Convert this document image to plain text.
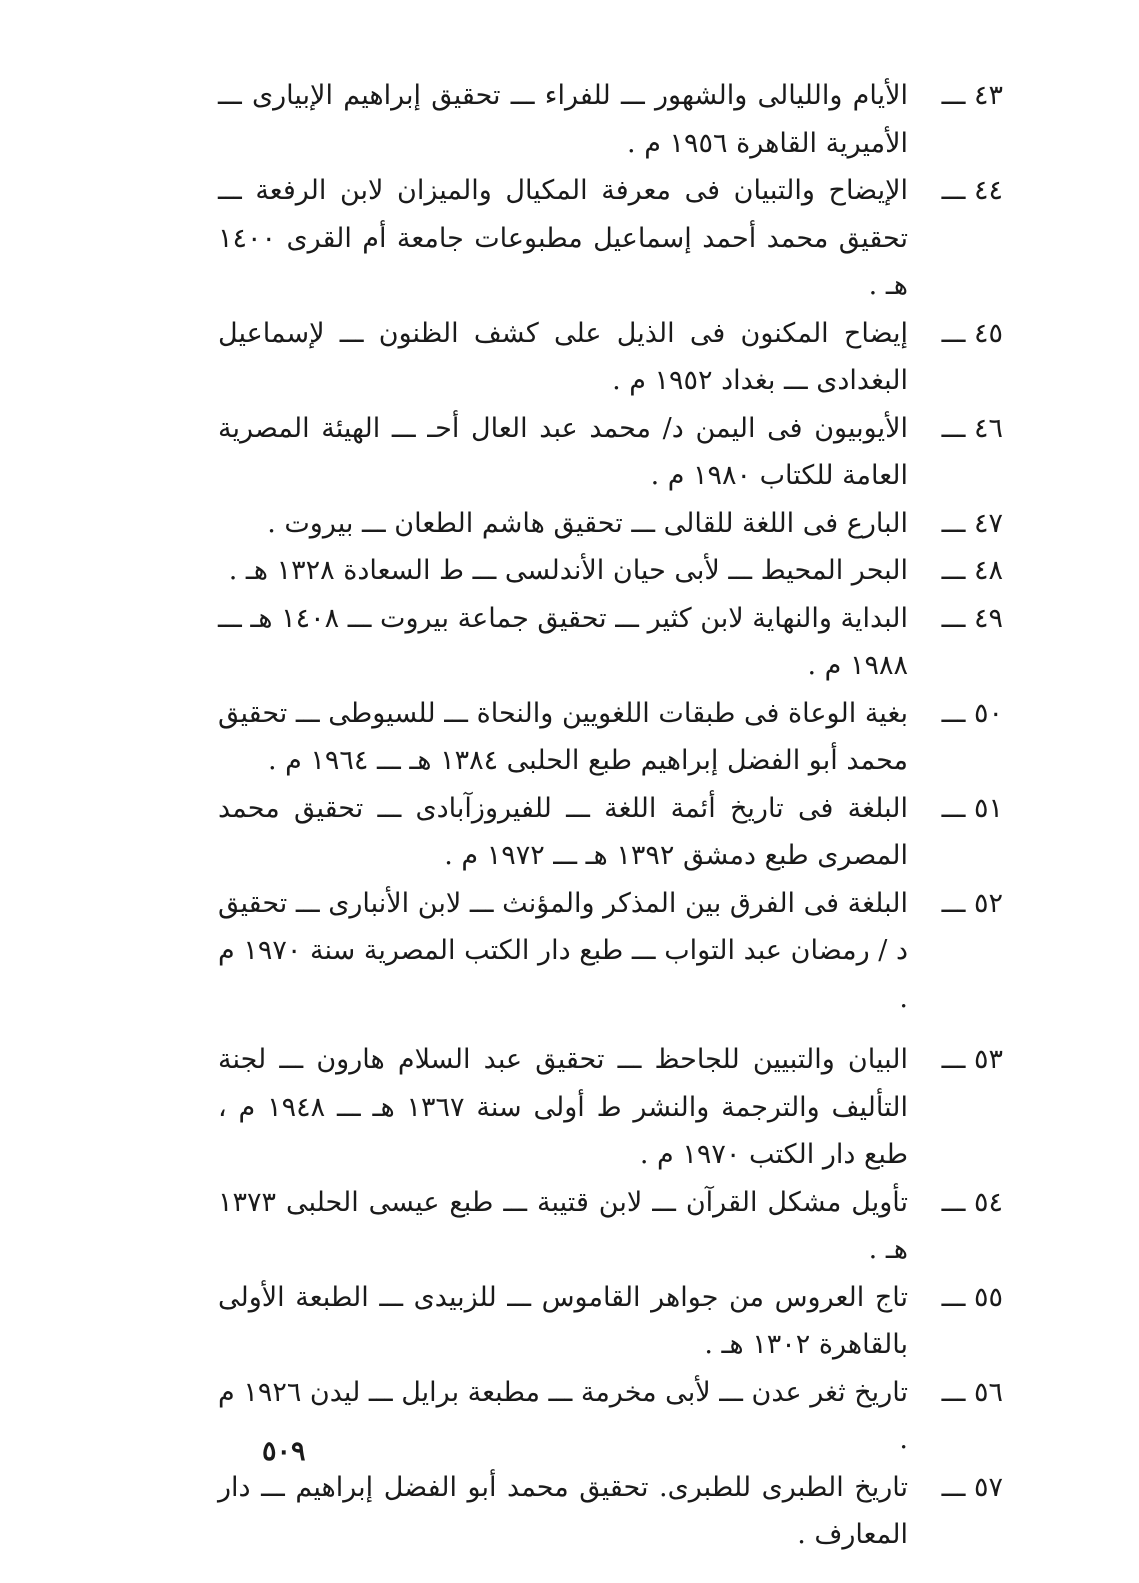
٤٣ ـــ
الأيام والليالى والشهور ـــ للفراء ـــ تحقيق إبراهيم الإبيارى ـــ الأميرية القاهرة ١٩٥٦ م .

٤٤ ـــ
الإيضاح والتبيان فى معرفة المكيال والميزان لابن الرفعة ـــ تحقيق محمد أحمد إسماعيل مطبوعات جامعة أم القرى ١٤٠٠ هـ .

٤٥ ـــ
إيضاح المكنون فى الذيل على كشف الظنون ـــ لإسماعيل البغدادى ـــ بغداد ١٩٥٢ م .

٤٦ ـــ
الأيوبيون فى اليمن د/ محمد عبد العال أحـ ـــ الهيئة المصرية العامة للكتاب ١٩٨٠ م .

٤٧ ـــ
البارع فى اللغة للقالى ـــ تحقيق هاشم الطعان ـــ بيروت .

٤٨ ـــ
البحر المحيط ـــ لأبى حيان الأندلسى ـــ ط السعادة ١٣٢٨ هـ .

٤٩ ـــ
البداية والنهاية لابن كثير ـــ تحقيق جماعة بيروت ـــ ١٤٠٨ هـ ـــ ١٩٨٨ م .

٥٠ ـــ
بغية الوعاة فى طبقات اللغويين والنحاة ـــ للسيوطى ـــ تحقيق محمد أبو الفضل إبراهيم طبع الحلبى ١٣٨٤ هـ ـــ ١٩٦٤ م .

٥١ ـــ
البلغة فى تاريخ أئمة اللغة ـــ للفيروزآبادى ـــ تحقيق محمد المصرى طبع دمشق ١٣٩٢ هـ ـــ ١٩٧٢ م .

٥٢ ـــ
البلغة فى الفرق بين المذكر والمؤنث ـــ لابن الأنبارى ـــ تحقيق د / رمضان عبد التواب ـــ طبع دار الكتب المصرية سنة ١٩٧٠ م .

٥٣ ـــ
البيان والتبيين للجاحظ ـــ تحقيق عبد السلام هارون ـــ لجنة التأليف والترجمة والنشر ط أولى سنة ١٣٦٧ هـ ـــ ١٩٤٨ م ، طبع دار الكتب ١٩٧٠ م .

٥٤ ـــ
تأويل مشكل القرآن ـــ لابن قتيبة ـــ طبع عيسى الحلبى ١٣٧٣ هـ .

٥٥ ـــ
تاج العروس من جواهر القاموس ـــ للزبيدى ـــ الطبعة الأولى بالقاهرة ١٣٠٢ هـ .

٥٦ ـــ
تاريخ ثغر عدن ـــ لأبى مخرمة ـــ مطبعة برايل ـــ ليدن ١٩٢٦ م .

٥٧ ـــ
تاريخ الطبرى للطبرى. تحقيق محمد أبو الفضل إبراهيم ـــ دار المعارف .

٥٠٩
